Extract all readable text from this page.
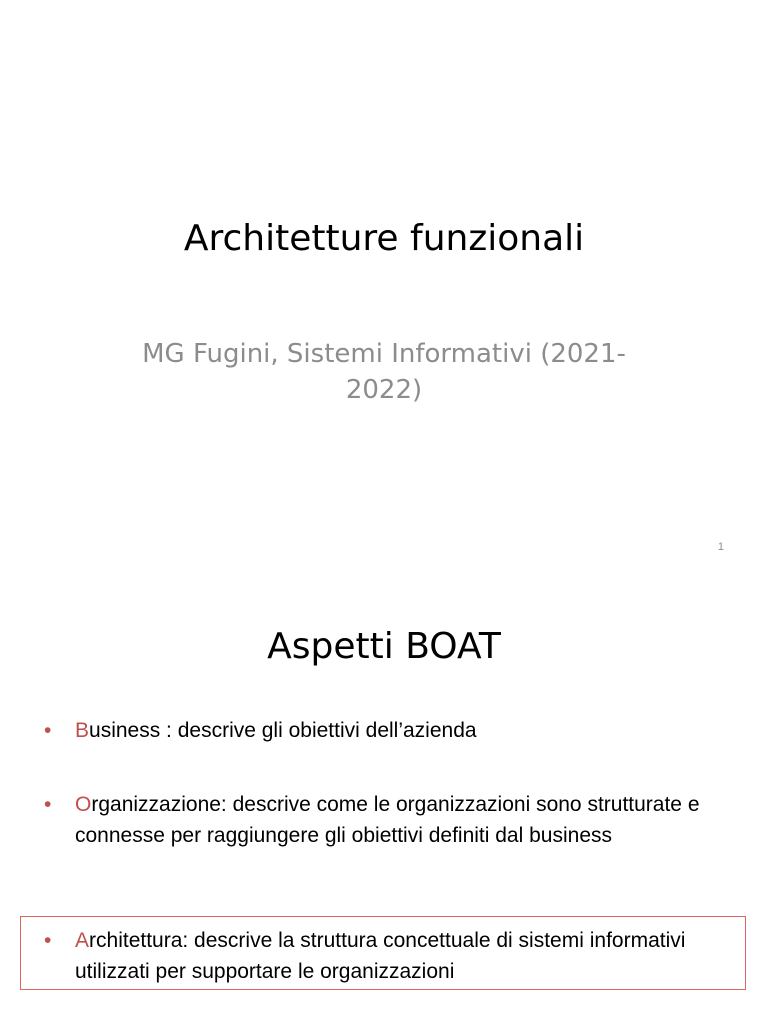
Architetture funzionali
MG Fugini, Sistemi Informativi (2021-
2022)
1
Aspetti BOAT
• Business : descrive gli obiettivi dell’azienda
• Organizzazione: descrive come le organizzazioni sono strutturate e connesse per raggiungere gli obiettivi definiti dal business
• Architettura: descrive la struttura concettuale di sistemi informativi utilizzati per supportare le organizzazioni
